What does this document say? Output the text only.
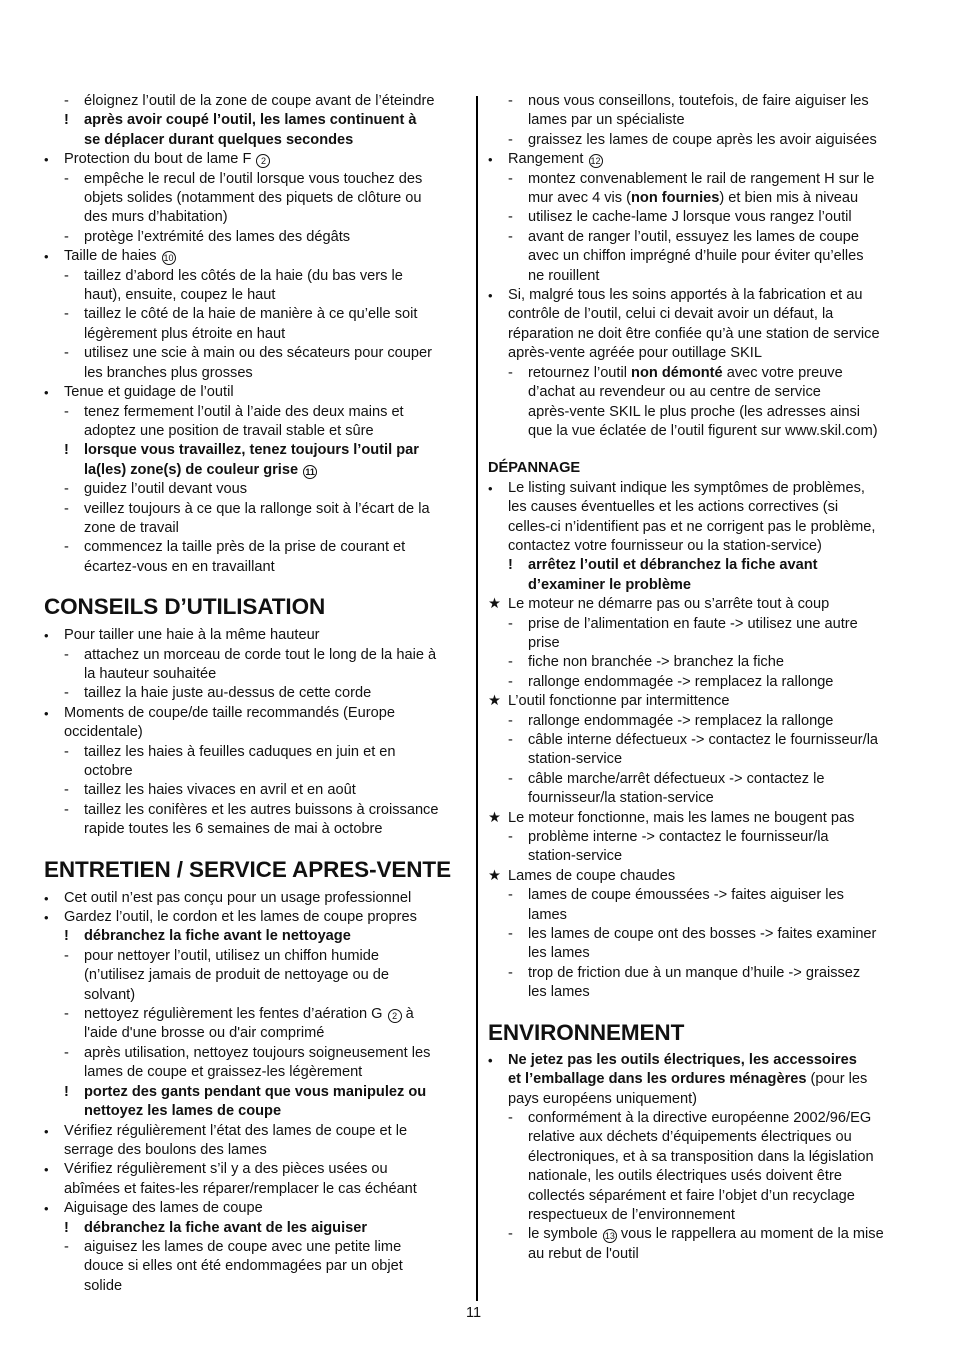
- éloignez l’outil de la zone de coupe avant de l’éteindre
! après avoir coupé l’outil, les lames continuent à
se déplacer durant quelques secondes
• Protection du bout de lame F 2
- empêche le recul de l’outil lorsque vous touchez des
objets solides (notamment des piquets de clôture ou
des murs d’habitation)
- protège l’extrémité des lames des dégâts
• Taille de haies 10
- taillez d’abord les côtés de la haie (du bas vers le
haut), ensuite, coupez le haut
- taillez le côté de la haie de manière à ce qu’elle soit
légèrement plus étroite en haut
- utilisez une scie à main ou des sécateurs pour couper
les branches plus grosses
• Tenue et guidage de l’outil
- tenez fermement l’outil à l’aide des deux mains et
adoptez une position de travail stable et sûre
! lorsque vous travaillez, tenez toujours l’outil par
la(les) zone(s) de couleur grise 11
- guidez l’outil devant vous
- veillez toujours à ce que la rallonge soit à l’écart de la
zone de travail
- commencez la taille près de la prise de courant et
écartez-vous en en travaillant
CONSEILS D’UTILISATION
• Pour tailler une haie à la même hauteur
- attachez un morceau de corde tout le long de la haie à
la hauteur souhaitée
- taillez la haie juste au-dessus de cette corde
• Moments de coupe/de taille recommandés (Europe
occidentale)
- taillez les haies à feuilles caduques en juin et en
octobre
- taillez les haies vivaces en avril et en août
- taillez les conifères et les autres buissons à croissance
rapide toutes les 6 semaines de mai à octobre
ENTRETIEN / SERVICE APRES-VENTE
• Cet outil n’est pas conçu pour un usage professionnel
• Gardez l’outil, le cordon et les lames de coupe propres
! débranchez la fiche avant le nettoyage
- pour nettoyer l’outil, utilisez un chiffon humide
(n’utilisez jamais de produit de nettoyage ou de
solvant)
- nettoyez régulièrement les fentes d’aération G 2 à
l'aide d'une brosse ou d'air comprimé
- après utilisation, nettoyez toujours soigneusement les
lames de coupe et graissez-les légèrement
! portez des gants pendant que vous manipulez ou
nettoyez les lames de coupe
• Vérifiez régulièrement l’état des lames de coupe et le
serrage des boulons des lames
• Vérifiez régulièrement s’il y a des pièces usées ou
abîmées et faites-les réparer/remplacer le cas échéant
• Aiguisage des lames de coupe
! débranchez la fiche avant de les aiguiser
- aiguisez les lames de coupe avec une petite lime
douce si elles ont été endommagées par un objet
solide
- nous vous conseillons, toutefois, de faire aiguiser les
lames par un spécialiste
- graissez les lames de coupe après les avoir aiguisées
• Rangement 12
- montez convenablement le rail de rangement H sur le
mur avec 4 vis (non fournies) et bien mis à niveau
- utilisez le cache-lame J lorsque vous rangez l’outil
- avant de ranger l’outil, essuyez les lames de coupe
avec un chiffon imprégné d’huile pour éviter qu’elles
ne rouillent
• Si, malgré tous les soins apportés à la fabrication et au
contrôle de l’outil, celui ci devait avoir un défaut, la
réparation ne doit être confiée qu’à une station de service
après-vente agréée pour outillage SKIL
- retournez l’outil non démonté avec votre preuve
d’achat au revendeur ou au centre de service
après-vente SKIL le plus proche (les adresses ainsi
que la vue éclatée de l’outil figurent sur www.skil.com)
DÉPANNAGE
• Le listing suivant indique les symptômes de problèmes,
les causes éventuelles et les actions correctives (si
celles-ci n’identifient pas et ne corrigent pas le problème,
contactez votre fournisseur ou la station-service)
! arrêtez l’outil et débranchez la fiche avant
d’examiner le problème
★ Le moteur ne démarre pas ou s’arrête tout à coup
- prise de l’alimentation en faute -> utilisez une autre
prise
- fiche non branchée -> branchez la fiche
- rallonge endommagée -> remplacez la rallonge
★ L’outil fonctionne par intermittence
- rallonge endommagée -> remplacez la rallonge
- câble interne défectueux -> contactez le fournisseur/la
station-service
- câble marche/arrêt défectueux -> contactez le
fournisseur/la station-service
★ Le moteur fonctionne, mais les lames ne bougent pas
- problème interne -> contactez le fournisseur/la
station-service
★ Lames de coupe chaudes
- lames de coupe émoussées -> faites aiguiser les
lames
- les lames de coupe ont des bosses -> faites examiner
les lames
- trop de friction due à un manque d’huile -> graissez
les lames
ENVIRONNEMENT
• Ne jetez pas les outils électriques, les accessoires
et l’emballage dans les ordures ménagères (pour les
pays européens uniquement)
- conformément à la directive européenne 2002/96/EG
relative aux déchets d’équipements électriques ou
électroniques, et à sa transposition dans la législation
nationale, les outils électriques usés doivent être
collectés séparément et faire l’objet d’un recyclage
respectueux de l’environnement
- le symbole 13 vous le rappellera au moment de la mise
au rebut de l'outil
11
